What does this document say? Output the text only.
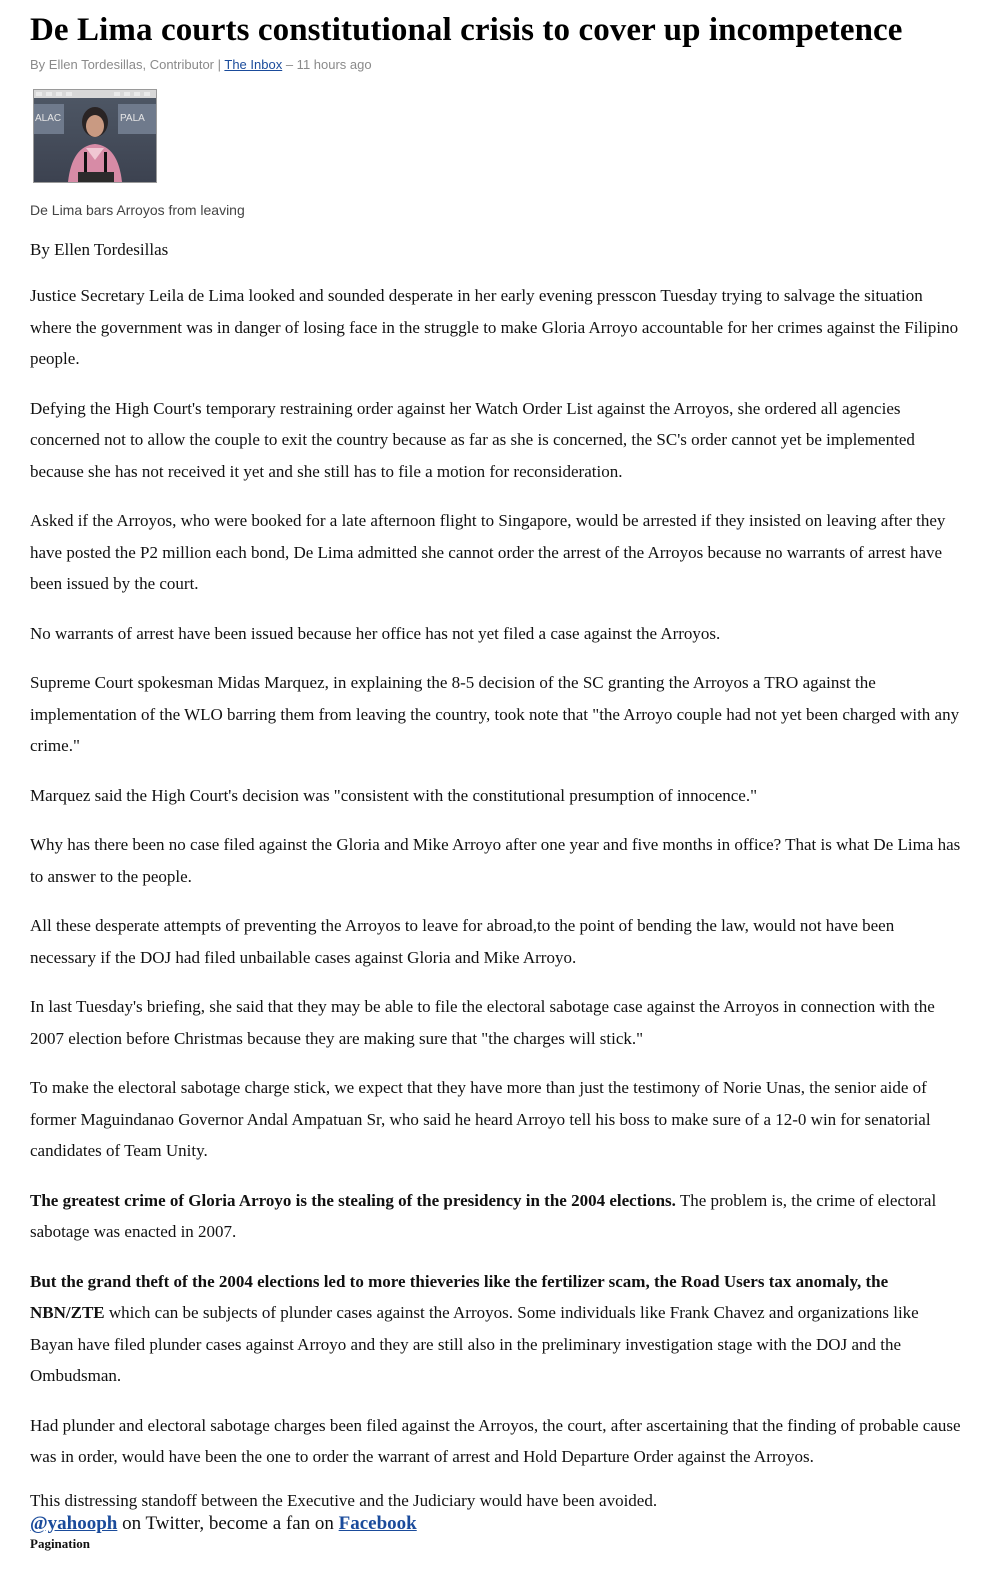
De Lima courts constitutional crisis to cover up incompetence
By Ellen Tordesillas, Contributor | The Inbox – 11 hours ago
ALAC	PALA
De Lima bars Arroyos from leaving
By Ellen Tordesillas

Justice Secretary Leila de Lima looked and sounded desperate in her early evening presscon Tuesday trying to salvage the situation where the government was in danger of losing face in the struggle to make Gloria Arroyo accountable for her crimes against the Filipino people.

Defying the High Court's temporary restraining order against her Watch Order List against the Arroyos, she ordered all agencies concerned not to allow the couple to exit the country because as far as she is concerned, the SC's order cannot yet be implemented because she has not received it yet and she still has to file a motion for reconsideration.

Asked if the Arroyos, who were booked for a late afternoon flight to Singapore, would be arrested if they insisted on leaving after they have posted the P2 million each bond, De Lima admitted she cannot order the arrest of the Arroyos because no warrants of arrest have been issued by the court.

No warrants of arrest have been issued because her office has not yet filed a case against the Arroyos.

Supreme Court spokesman Midas Marquez, in explaining the 8-5 decision of the SC granting the Arroyos a TRO against the implementation of the WLO barring them from leaving the country, took note that "the Arroyo couple had not yet been charged with any crime."

Marquez said the High Court's decision was "consistent with the constitutional presumption of innocence."

Why has there been no case filed against the Gloria and Mike Arroyo after one year and five months in office? That is what De Lima has to answer to the people.

All these desperate attempts of preventing the Arroyos to leave for abroad,to the point of bending the law, would not have been necessary if the DOJ had filed unbailable cases against Gloria and Mike Arroyo.

In last Tuesday's briefing, she said that they may be able to file the electoral sabotage case against the Arroyos in connection with the 2007 election before Christmas because they are making sure that "the charges will stick."

To make the electoral sabotage charge stick, we expect that they have more than just the testimony of Norie Unas, the senior aide of former Maguindanao Governor Andal Ampatuan Sr, who said he heard Arroyo tell his boss to make sure of a 12-0 win for senatorial candidates of Team Unity.

The greatest crime of Gloria Arroyo is the stealing of the presidency in the 2004 elections. The problem is, the crime of electoral sabotage was enacted in 2007.

But the grand theft of the 2004 elections led to more thieveries like the fertilizer scam, the Road Users tax anomaly, the NBN/ZTE which can be subjects of plunder cases against the Arroyos. Some individuals like Frank Chavez and organizations like Bayan have filed plunder cases against Arroyo and they are still also in the preliminary investigation stage with the DOJ and the Ombudsman.

Had plunder and electoral sabotage charges been filed against the Arroyos, the court, after ascertaining that the finding of probable cause was in order, would have been the one to order the warrant of arrest and Hold Departure Order against the Arroyos.

This distressing standoff between the Executive and the Judiciary would have been avoided.
@yahooph on Twitter, become a fan on Facebook
Pagination
